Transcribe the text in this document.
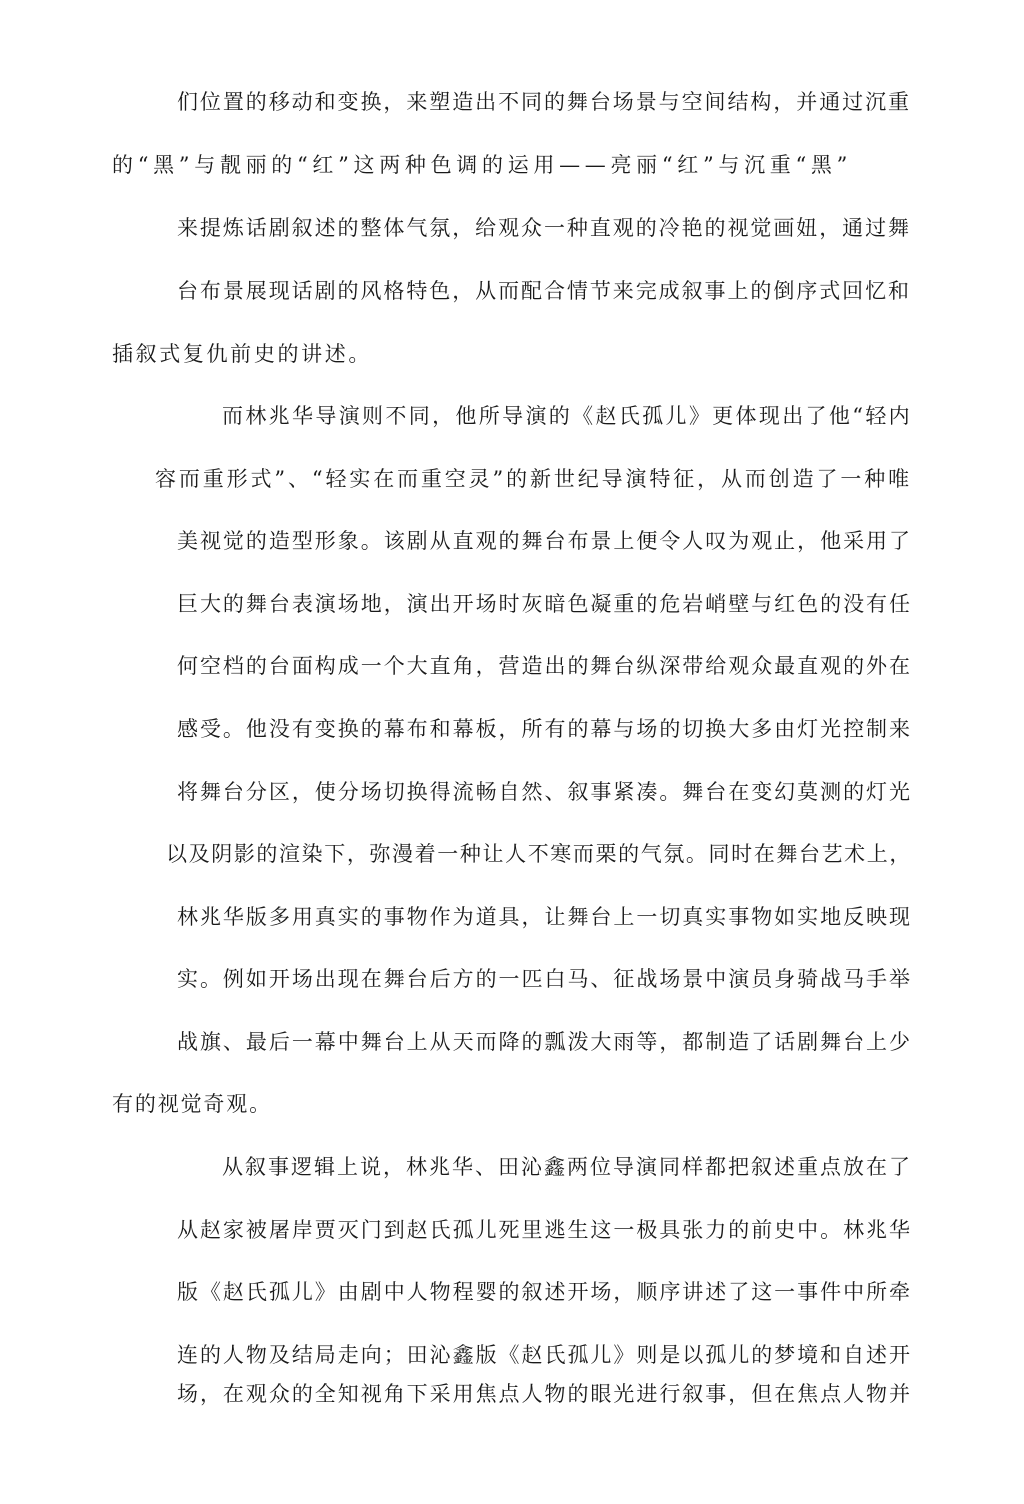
们位置的移动和变换，来塑造出不同的舞台场景与空间结构，并通过沉重
的“黑”与靓丽的“红”这两种色调的运用——亮丽“红”与沉重“黑”
来提炼话剧叙述的整体气氛，给观众一种直观的冷艳的视觉画妞，通过舞
台布景展现话剧的风格特色，从而配合情节来完成叙事上的倒序式回忆和
插叙式复仇前史的讲述。
而林兆华导演则不同，他所导演的《赵氏孤儿》更体现出了他“轻内
容而重形式”、“轻实在而重空灵”的新世纪导演特征，从而创造了一种唯
美视觉的造型形象。该剧从直观的舞台布景上便令人叹为观止，他采用了
巨大的舞台表演场地，演出开场时灰暗色凝重的危岩峭壁与红色的没有任
何空档的台面构成一个大直角，营造出的舞台纵深带给观众最直观的外在
感受。他没有变换的幕布和幕板，所有的幕与场的切换大多由灯光控制来
将舞台分区，使分场切换得流畅自然、叙事紧凑。舞台在变幻莫测的灯光
以及阴影的渲染下，弥漫着一种让人不寒而栗的气氛。同时在舞台艺术上，
林兆华版多用真实的事物作为道具，让舞台上一切真实事物如实地反映现
实。例如开场出现在舞台后方的一匹白马、征战场景中演员身骑战马手举
战旗、最后一幕中舞台上从天而降的瓢泼大雨等，都制造了话剧舞台上少
有的视觉奇观。
从叙事逻辑上说，林兆华、田沁鑫两位导演同样都把叙述重点放在了
从赵家被屠岸贾灭门到赵氏孤儿死里逃生这一极具张力的前史中。林兆华
版《赵氏孤儿》由剧中人物程婴的叙述开场，顺序讲述了这一事件中所牵
连的人物及结局走向；田沁鑫版《赵氏孤儿》则是以孤儿的梦境和自述开
场，在观众的全知视角下采用焦点人物的眼光进行叙事，但在焦点人物并
